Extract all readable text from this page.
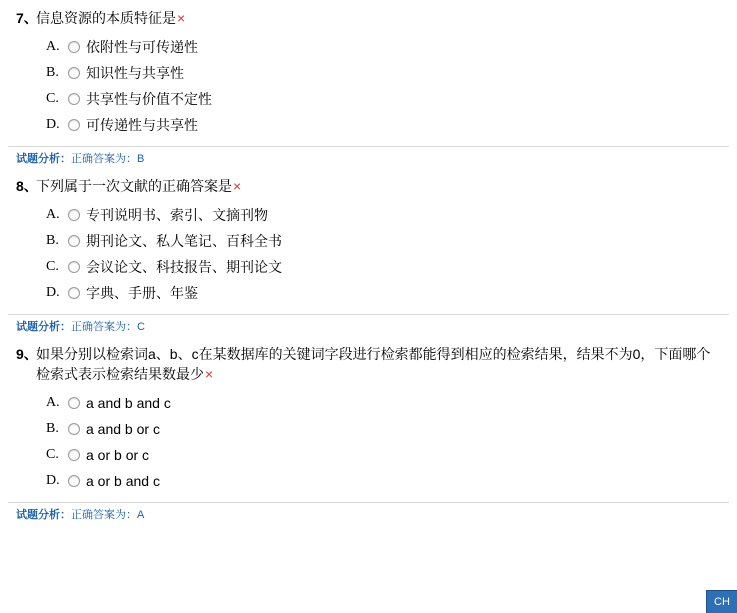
7、
信息资源的本质特征是×
A.	依附性与可传递性
B.	知识性与共享性
C.	共享性与价值不定性
D.	可传递性与共享性
试题分析：正确答案为：B
8、
下列属于一次文献的正确答案是×
A.	专刊说明书、索引、文摘刊物
B.	期刊论文、私人笔记、百科全书
C.	会议论文、科技报告、期刊论文
D.	字典、手册、年鉴
试题分析：正确答案为：C
9、
如果分别以检索词a、b、c在某数据库的关键词字段进行检索都能得到相应的检索结果，结果不为0，下面哪个检索式表示检索结果数最少×
A.	a and b and c
B.	a and b or c
C.	a or b or c
D.	a or b and c
试题分析：正确答案为：A
CH
